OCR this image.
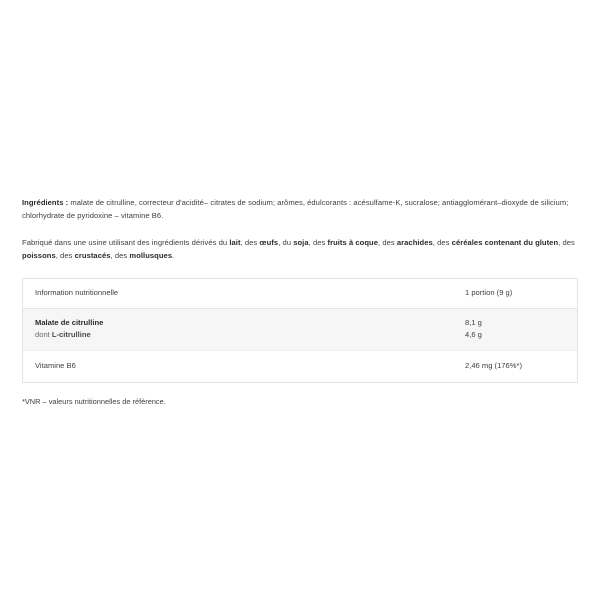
Ingrédients : malate de citrulline, correcteur d'acidité– citrates de sodium; arômes, édulcorants : acésulfame-K, sucralose; antiagglomérant–dioxyde de silicium; chlorhydrate de pyridoxine – vitamine B6.

Fabriqué dans une usine utilisant des ingrédients dérivés du lait, des œufs, du soja, des fruits à coque, des arachides, des céréales contenant du gluten, des poissons, des crustacés, des mollusques.

Information nutritionnelle	1 portion (9 g)
Malate de citrulline
dont L-citrulline
8,1 g
4,6 g
Vitamine B6	2,46 mg (176%*)
*VNR – valeurs nutritionnelles de référence.
